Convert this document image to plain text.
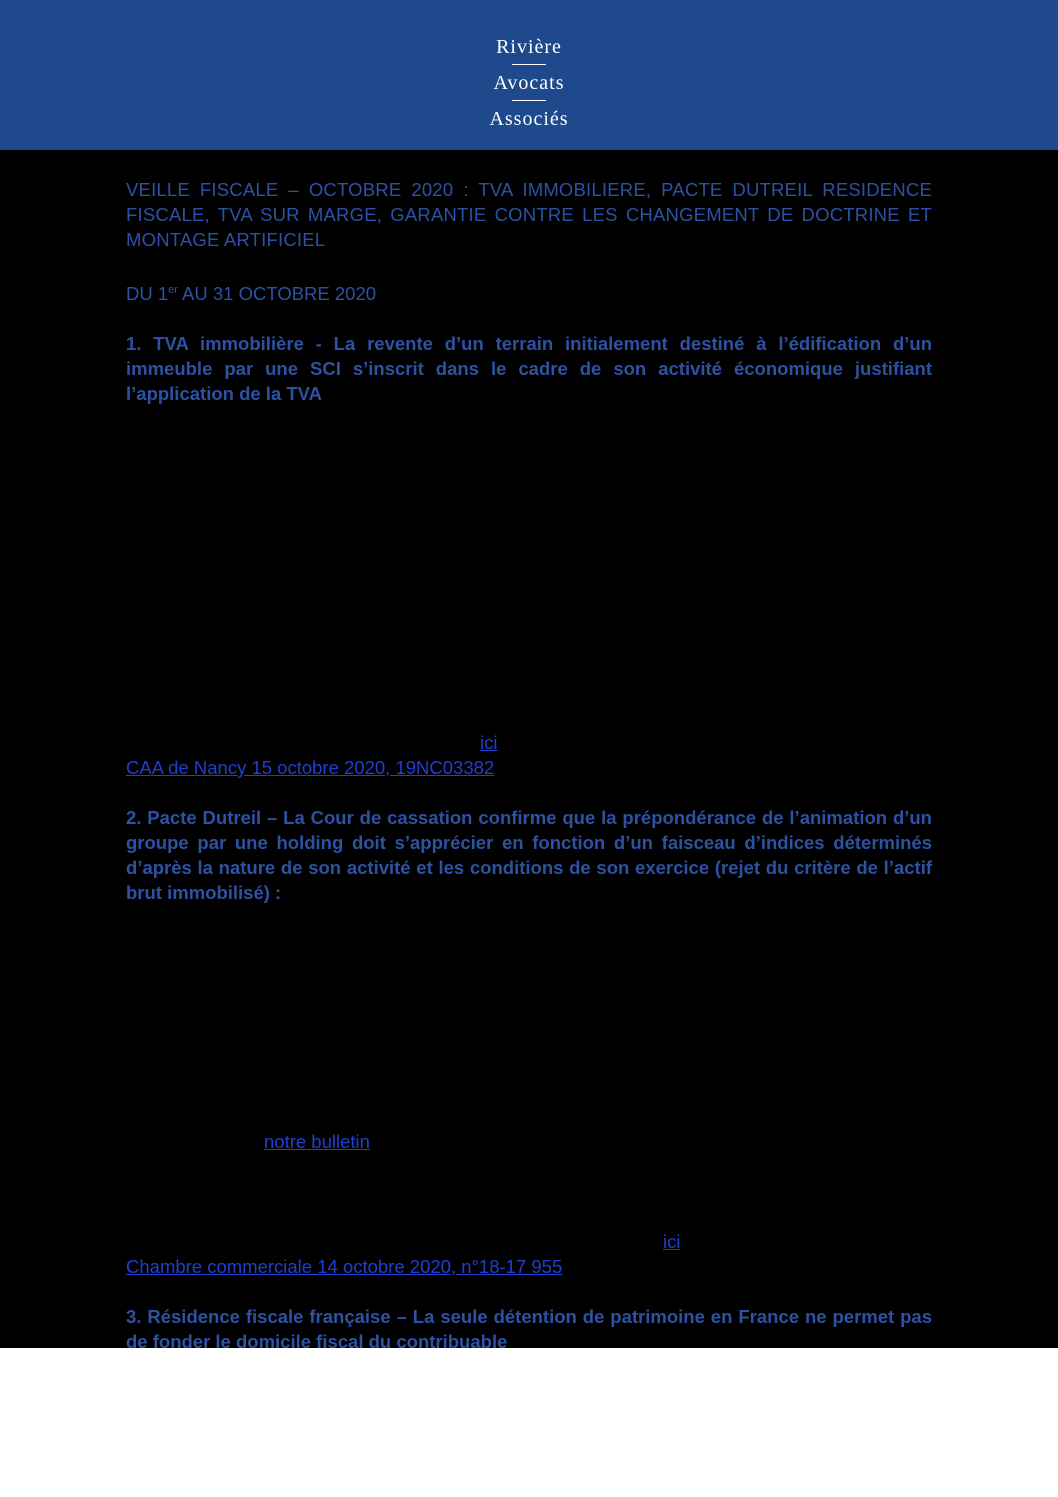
Rivière
Avocats
Associés
VEILLE FISCALE – OCTOBRE 2020 : TVA IMMOBILIERE, PACTE DUTREIL RESIDENCE FISCALE, TVA SUR MARGE, GARANTIE CONTRE LES CHANGEMENT DE DOCTRINE ET MONTAGE ARTIFICIEL
DU 1er AU 31 OCTOBRE 2020
1. TVA immobilière - La revente d’un terrain initialement destiné à l’édification d’un immeuble par une SCI s’inscrit dans le cadre de son activité économique justifiant l’application de la TVA
ici
CAA de Nancy 15 octobre 2020, 19NC03382
2. Pacte Dutreil – La Cour de cassation confirme que la prépondérance de l’animation d’un groupe par une holding doit s’apprécier en fonction d’un faisceau d’indices déterminés d’après la nature de son activité et les conditions de son exercice (rejet du critère de l’actif brut immobilisé) :
notre bulletin
ici
Chambre commerciale 14 octobre 2020, n°18-17 955
3. Résidence fiscale française – La seule détention de patrimoine en France ne permet pas de fonder le domicile fiscal du contribuable
